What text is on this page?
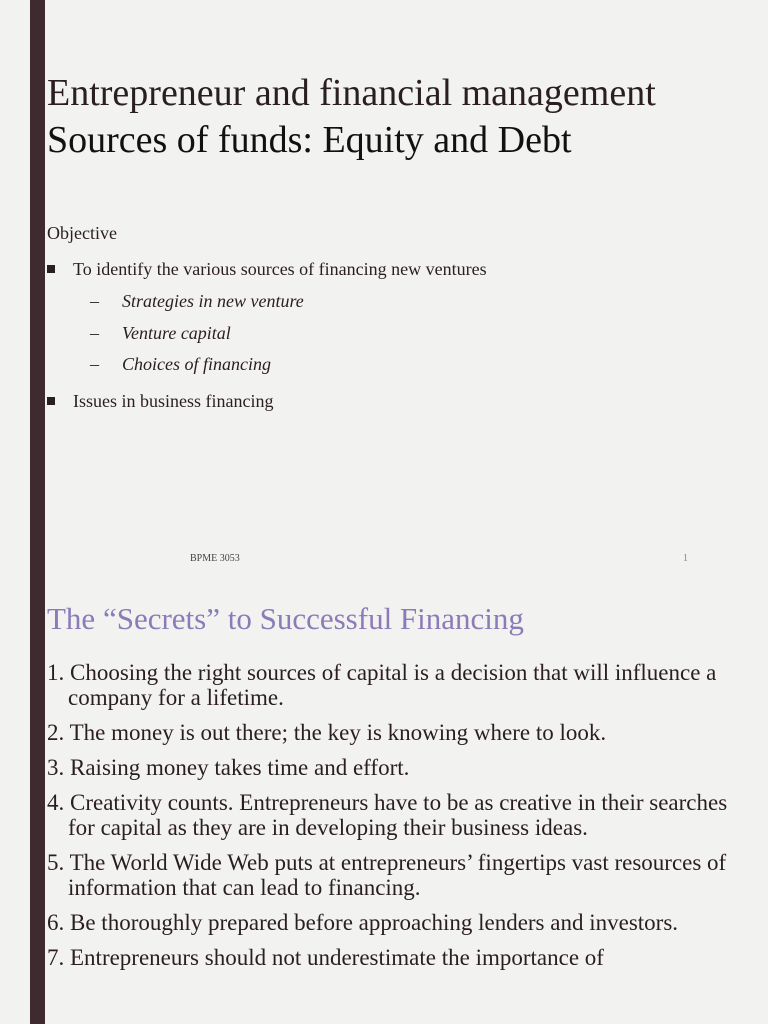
Entrepreneur and financial management
Sources of funds: Equity and Debt
Objective
To identify the various sources of financing new ventures
– Strategies in new venture
– Venture capital
– Choices of financing
Issues in business financing
BPME 3053	1
The “Secrets” to Successful Financing
1. Choosing the right sources of capital is a decision that will influence a company for a lifetime.
2. The money is out there; the key is knowing where to look.
3. Raising money takes time and effort.
4. Creativity counts. Entrepreneurs have to be as creative in their searches for capital as they are in developing their business ideas.
5. The World Wide Web puts at entrepreneurs’ fingertips vast resources of information that can lead to financing.
6. Be thoroughly prepared before approaching lenders and investors.
7. Entrepreneurs should not underestimate the importance of
